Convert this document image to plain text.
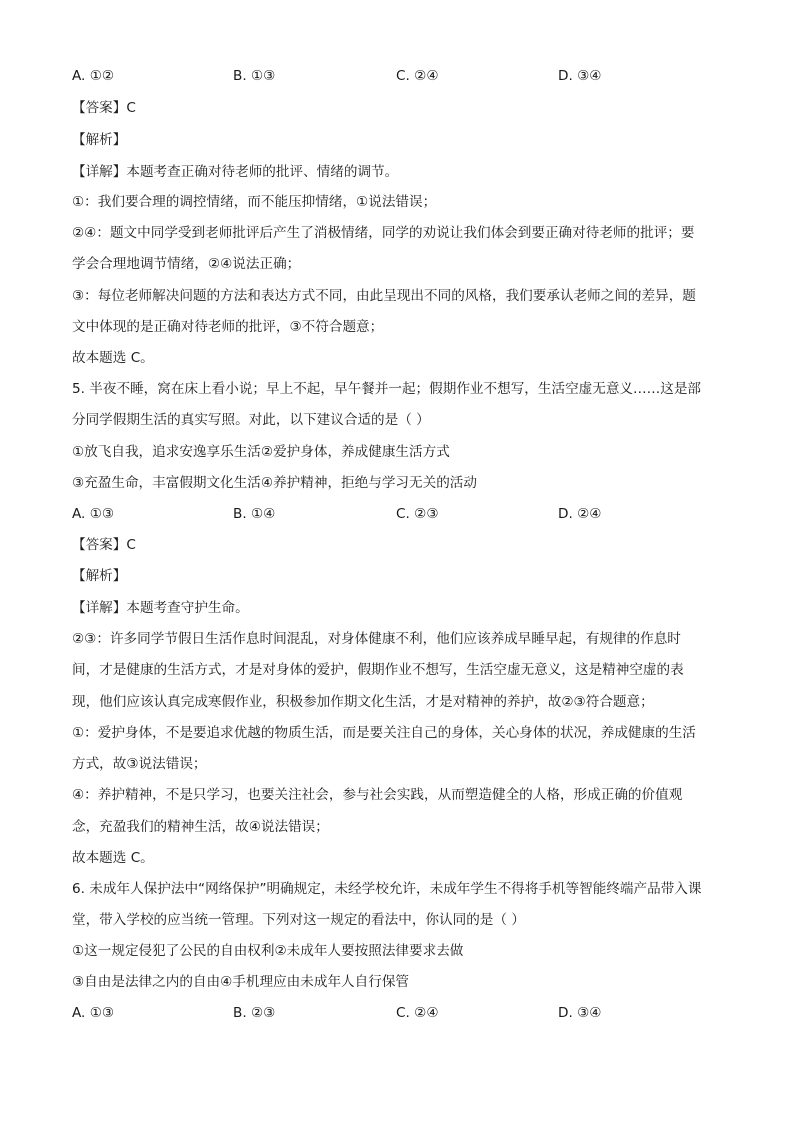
A. ①②	B. ①③	C. ②④	D. ③④
【答案】C
【解析】
【详解】本题考查正确对待老师的批评、情绪的调节。
①：我们要合理的调控情绪，而不能压抑情绪，①说法错误；
②④：题文中同学受到老师批评后产生了消极情绪，同学的劝说让我们体会到要正确对待老师的批评；要
学会合理地调节情绪，②④说法正确；
③：每位老师解决问题的方法和表达方式不同，由此呈现出不同的风格，我们要承认老师之间的差异，题
文中体现的是正确对待老师的批评，③不符合题意；
故本题选 C。
5. 半夜不睡，窝在床上看小说；早上不起，早午餐并一起；假期作业不想写，生活空虚无意义……这是部
分同学假期生活的真实写照。对此，以下建议合适的是（ ）
①放飞自我，追求安逸享乐生活②爱护身体，养成健康生活方式
③充盈生命，丰富假期文化生活④养护精神，拒绝与学习无关的活动
A. ①③	B. ①④	C. ②③	D. ②④
【答案】C
【解析】
【详解】本题考查守护生命。
②③：许多同学节假日生活作息时间混乱，对身体健康不利，他们应该养成早睡早起，有规律的作息时
间，才是健康的生活方式，才是对身体的爱护，假期作业不想写，生活空虚无意义，这是精神空虚的表
现，他们应该认真完成寒假作业，积极参加作期文化生活，才是对精神的养护，故②③符合题意；
①：爱护身体，不是要追求优越的物质生活，而是要关注自己的身体，关心身体的状况，养成健康的生活
方式，故③说法错误；
④：养护精神，不是只学习，也要关注社会，参与社会实践，从而塑造健全的人格，形成正确的价值观
念，充盈我们的精神生活，故④说法错误；
故本题选 C。
6. 未成年人保护法中“网络保护”明确规定，未经学校允许，未成年学生不得将手机等智能终端产品带入课
堂，带入学校的应当统一管理。下列对这一规定的看法中，你认同的是（ ）
①这一规定侵犯了公民的自由权利②未成年人要按照法律要求去做
③自由是法律之内的自由④手机理应由未成年人自行保管
A. ①③	B. ②③	C. ②④	D. ③④
